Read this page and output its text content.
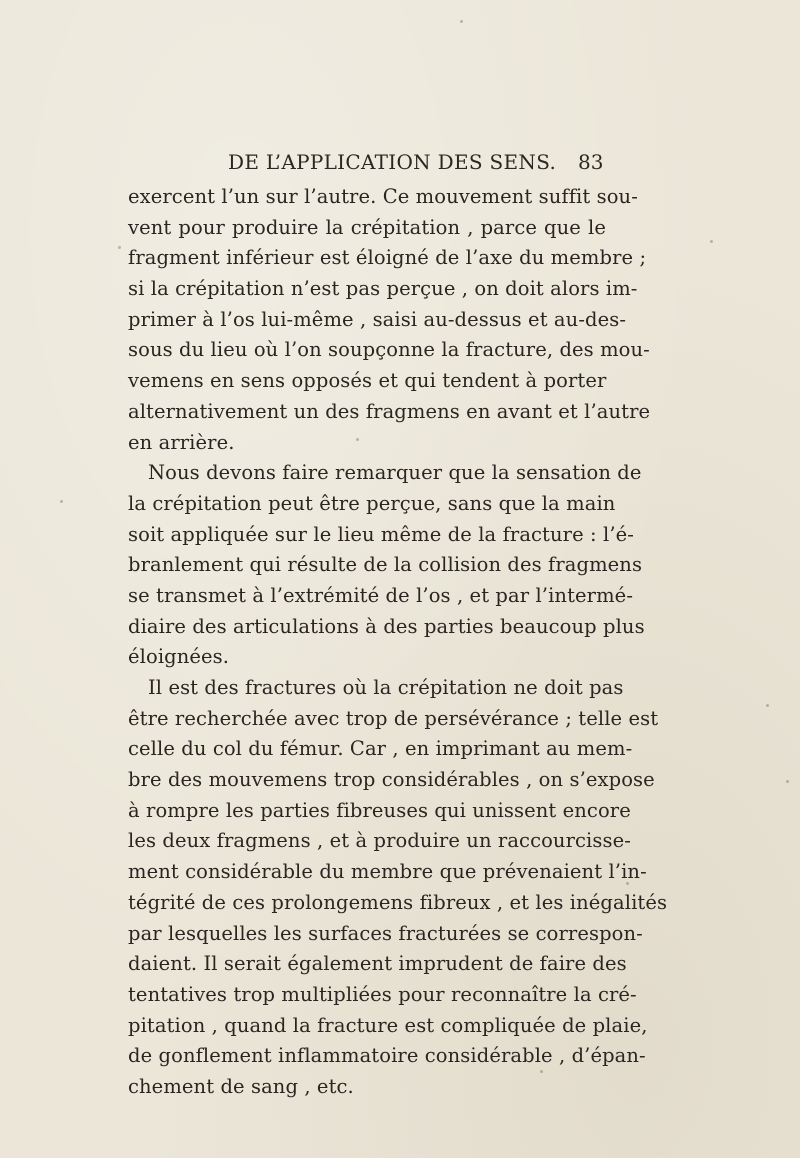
DE L’APPLICATION DES SENS. 83
exercent l’un sur l’autre. Ce mouvement suffit sou-
vent pour produire la crépitation , parce que le
fragment inférieur est éloigné de l’axe du membre ;
si la crépitation n’est pas perçue , on doit alors im-
primer à l’os lui-même , saisi au-dessus et au-des-
sous du lieu où l’on soupçonne la fracture, des mou-
vemens en sens opposés et qui tendent à porter
alternativement un des fragmens en avant et l’autre
en arrière.
Nous devons faire remarquer que la sensation de
la crépitation peut être perçue, sans que la main
soit appliquée sur le lieu même de la fracture : l’é-
branlement qui résulte de la collision des fragmens
se transmet à l’extrémité de l’os , et par l’intermé-
diaire des articulations à des parties beaucoup plus
éloignées.
Il est des fractures où la crépitation ne doit pas
être recherchée avec trop de persévérance ; telle est
celle du col du fémur. Car , en imprimant au mem-
bre des mouvemens trop considérables , on s’expose
à rompre les parties fibreuses qui unissent encore
les deux fragmens , et à produire un raccourcisse-
ment considérable du membre que prévenaient l’in-
tégrité de ces prolongemens fibreux , et les inégalités
par lesquelles les surfaces fracturées se correspon-
daient. Il serait également imprudent de faire des
tentatives trop multipliées pour reconnaître la cré-
pitation , quand la fracture est compliquée de plaie,
de gonflement inflammatoire considérable , d’épan-
chement de sang , etc.
